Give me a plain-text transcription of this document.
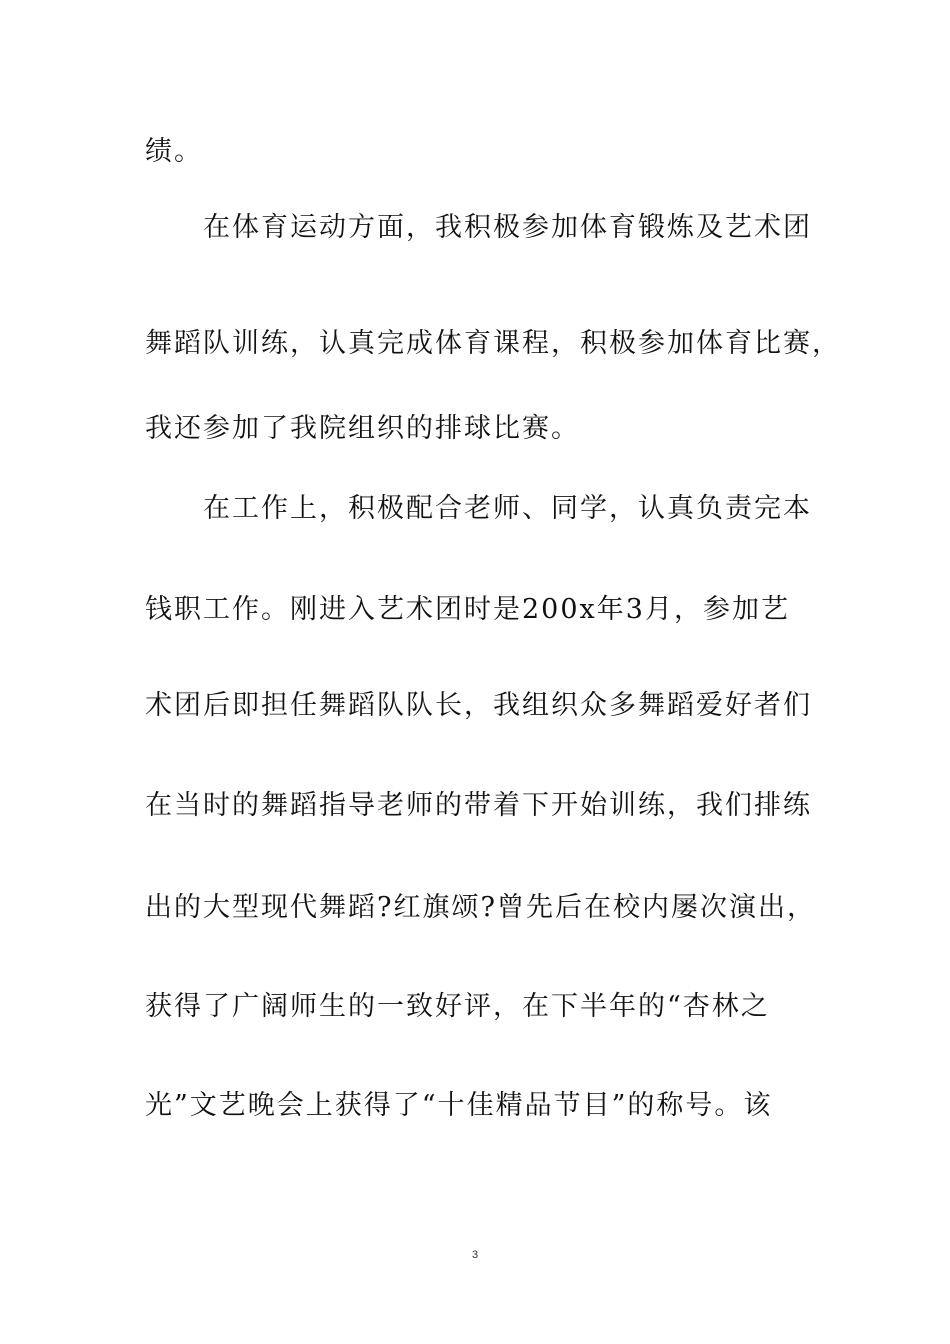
绩。
在体育运动方面，我积极参加体育锻炼及艺术团
舞蹈队训练，认真完成体育课程，积极参加体育比赛，
我还参加了我院组织的排球比赛。
在工作上，积极配合老师、同学，认真负责完本
钱职工作。刚进入艺术团时是200x年3月，参加艺
术团后即担任舞蹈队队长，我组织众多舞蹈爱好者们
在当时的舞蹈指导老师的带着下开始训练，我们排练
出的大型现代舞蹈?红旗颂?曾先后在校内屡次演出，
获得了广阔师生的一致好评，在下半年的“杏林之
光”文艺晚会上获得了“十佳精品节目”的称号。该
3
